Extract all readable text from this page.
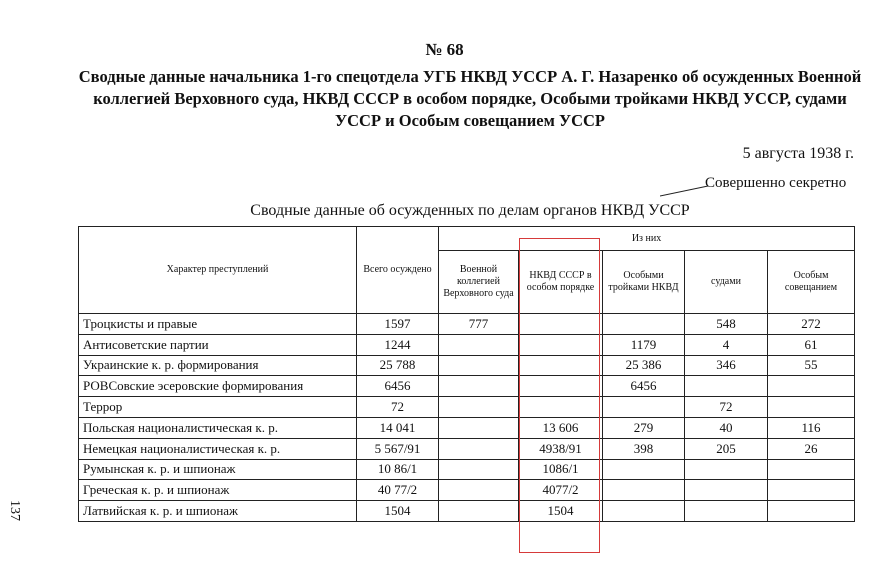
№ 68
Сводные данные начальника 1-го спецотдела УГБ НКВД УССР А. Г. Назаренко об осужденных Военной коллегией Верховного суда, НКВД СССР в особом порядке, Особыми тройками НКВД УССР, судами УССР и Особым совещанием УССР
5 августа 1938 г.
Совершенно секретно
Сводные данные об осужденных по делам органов НКВД УССР
137
Характер преступлений	Всего осуждено	Из них				
		Военной коллегией Верховного суда	НКВД СССР в особом порядке	Особыми тройками НКВД	судами	Особым совещанием
Троцкисты и правые	1597	777			548	272
Антисоветские партии	1244			1179	4	61
Украинские к. р. формирования	25 788			25 386	346	55
РОВСовские эсеровские формирования	6456			6456		
Террор	72				72	
Польская националистическая к. р.	14 041		13 606	279	40	116
Немецкая националистическая к. р.	5 567/91		4938/91	398	205	26
Румынская к. р. и шпионаж	10 86/1		1086/1			
Греческая к. р. и шпионаж	40 77/2		4077/2			
Латвийская к. р. и шпионаж	1504		1504			
